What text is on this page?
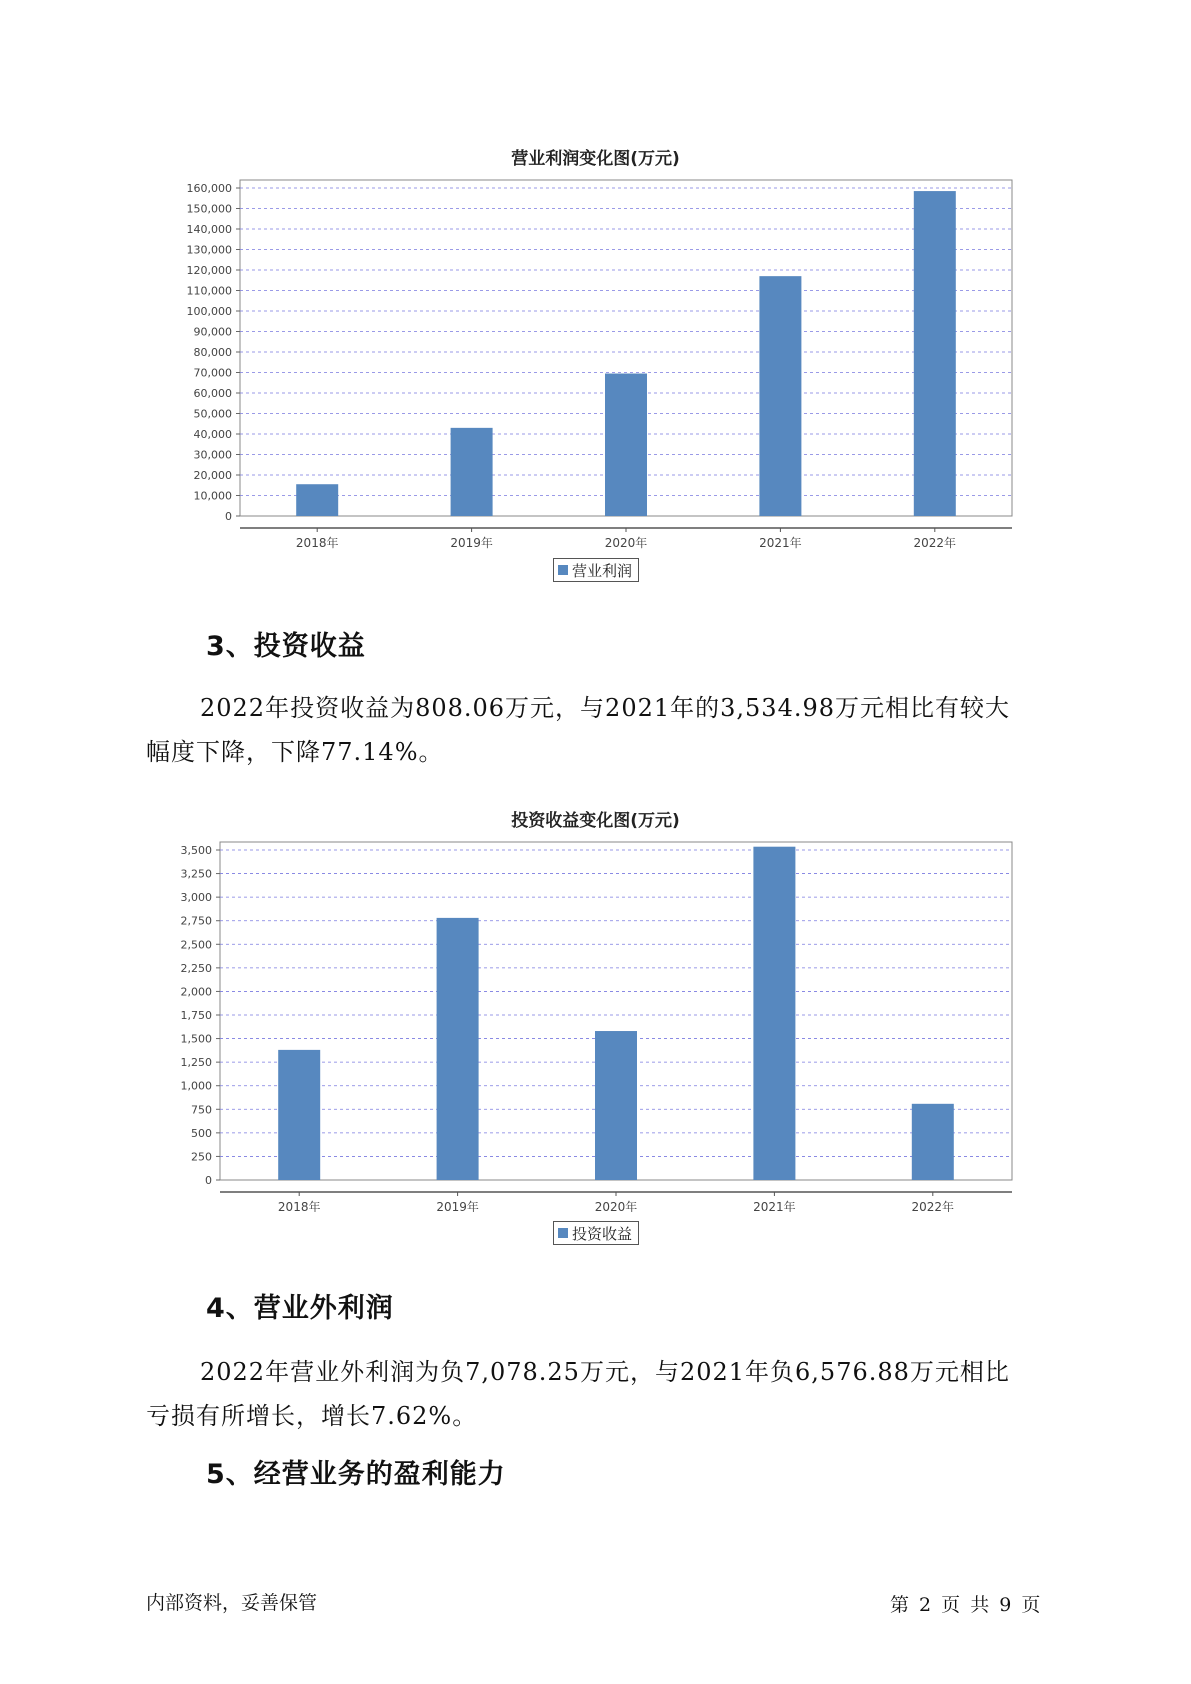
营业利润变化图(万元)
0
10,000
20,000
30,000
40,000
50,000
60,000
70,000
80,000
90,000
100,000
110,000
120,000
130,000
140,000
150,000
160,000
2018年	2019年	2020年	2021年	2022年
营业利润
3、投资收益

2022年投资收益为808.06万元，与2021年的3,534.98万元相比有较大
幅度下降，下降77.14%。

投资收益变化图(万元)
0
250
500
750
1,000
1,250
1,500
1,750
2,000
2,250
2,500
2,750
3,000
3,250
3,500
2018年	2019年	2020年	2021年	2022年
投资收益
4、营业外利润

2022年营业外利润为负7,078.25万元，与2021年负6,576.88万元相比
亏损有所增长，增长7.62%。

5、经营业务的盈利能力
内部资料，妥善保管	第 2 页 共 9 页
